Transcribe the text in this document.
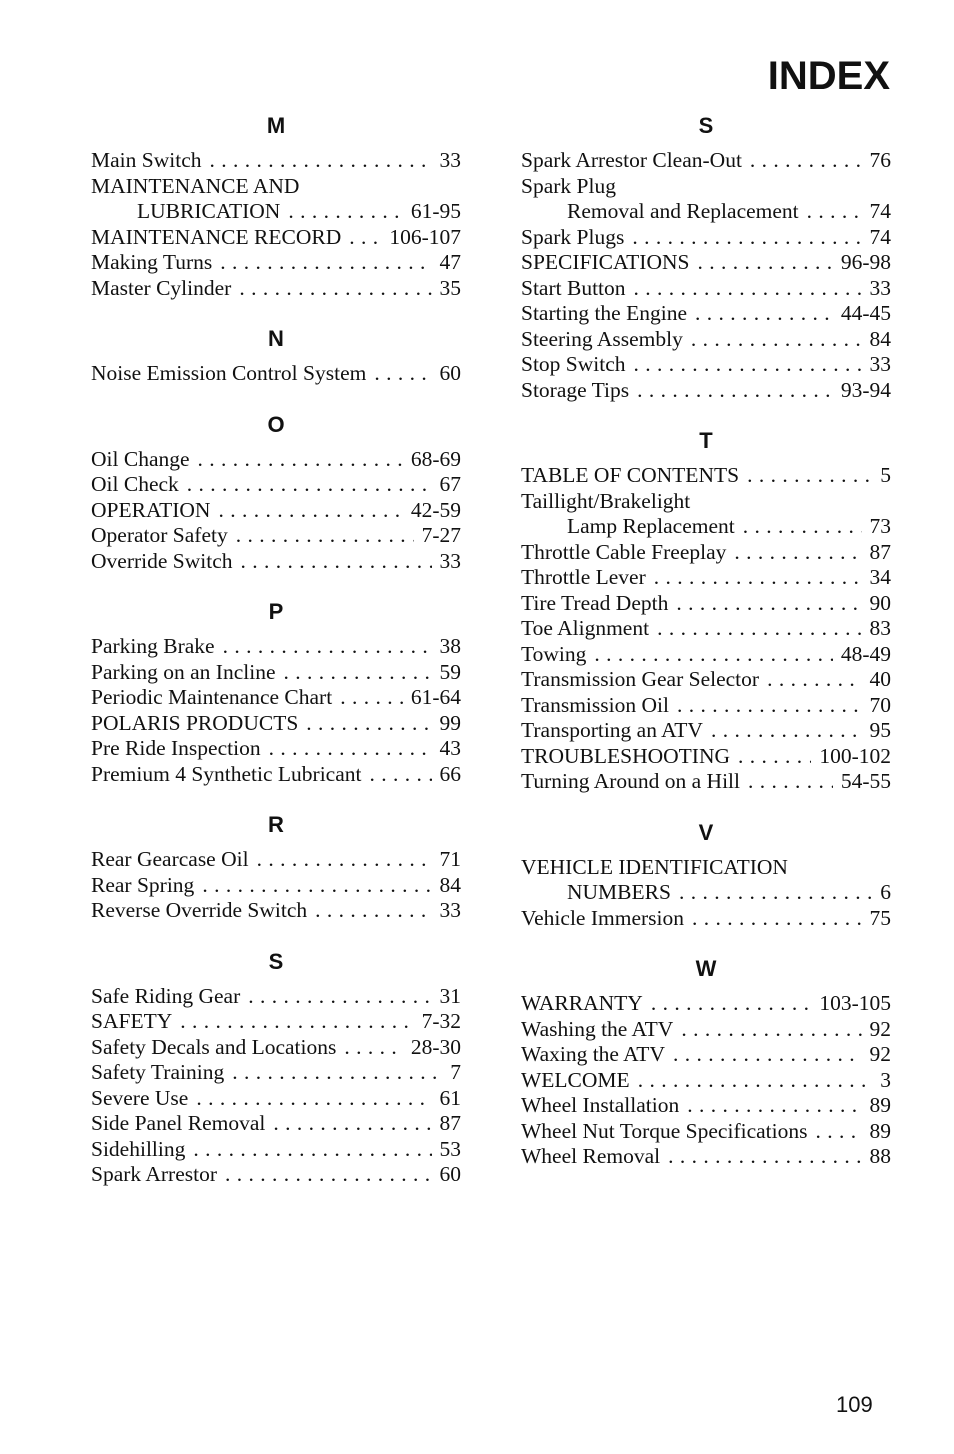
INDEX
M
Main Switch . . .	33
MAINTENANCE AND
LUBRICATION . . .	61-95
MAINTENANCE RECORD . . . 106-107
Making Turns . . .	47
Master Cylinder . . .	35
N
Noise Emission Control System . . .	60
O
Oil Change . . .	68-69
Oil Check . . .	67
OPERATION . . .	42-59
Operator Safety . . .	7-27
Override Switch . . .	33
P
Parking Brake . . .	38
Parking on an Incline . . .	59
Periodic Maintenance Chart . . .	61-64
POLARIS PRODUCTS . . .	99
Pre Ride Inspection . . .	43
Premium 4 Synthetic Lubricant . . .	66
R
Rear Gearcase Oil . . .	71
Rear Spring . . .	84
Reverse Override Switch . . .	33
S
Safe Riding Gear . . .	31
SAFETY . . .	7-32
Safety Decals and Locations . . .	28-30
Safety Training . . .	7
Severe Use . . .	61
Side Panel Removal . . .	87
Sidehilling . . .	53
Spark Arrestor . . .	60
S
Spark Arrestor Clean-Out . . .	76
Spark Plug
Removal and Replacement . . .	74
Spark Plugs . . .	74
SPECIFICATIONS . . .	96-98
Start Button . . .	33
Starting the Engine . . .	44-45
Steering Assembly . . .	84
Stop Switch . . .	33
Storage Tips . . .	93-94
T
TABLE OF CONTENTS . . .	5
Taillight/Brakelight
Lamp Replacement . . .	73
Throttle Cable Freeplay . . .	87
Throttle Lever . . .	34
Tire Tread Depth . . .	90
Toe Alignment . . .	83
Towing . . .	48-49
Transmission Gear Selector . . .	40
Transmission Oil . . .	70
Transporting an ATV . . .	95
TROUBLESHOOTING . . .	100-102
Turning Around on a Hill . . .	54-55
V
VEHICLE IDENTIFICATION
NUMBERS . . .	6
Vehicle Immersion . . .	75
W
WARRANTY . . .	103-105
Washing the ATV . . .	92
Waxing the ATV . . .	92
WELCOME . . .	3
Wheel Installation . . .	89
Wheel Nut Torque Specifications . . .	89
Wheel Removal . . .	88
109
